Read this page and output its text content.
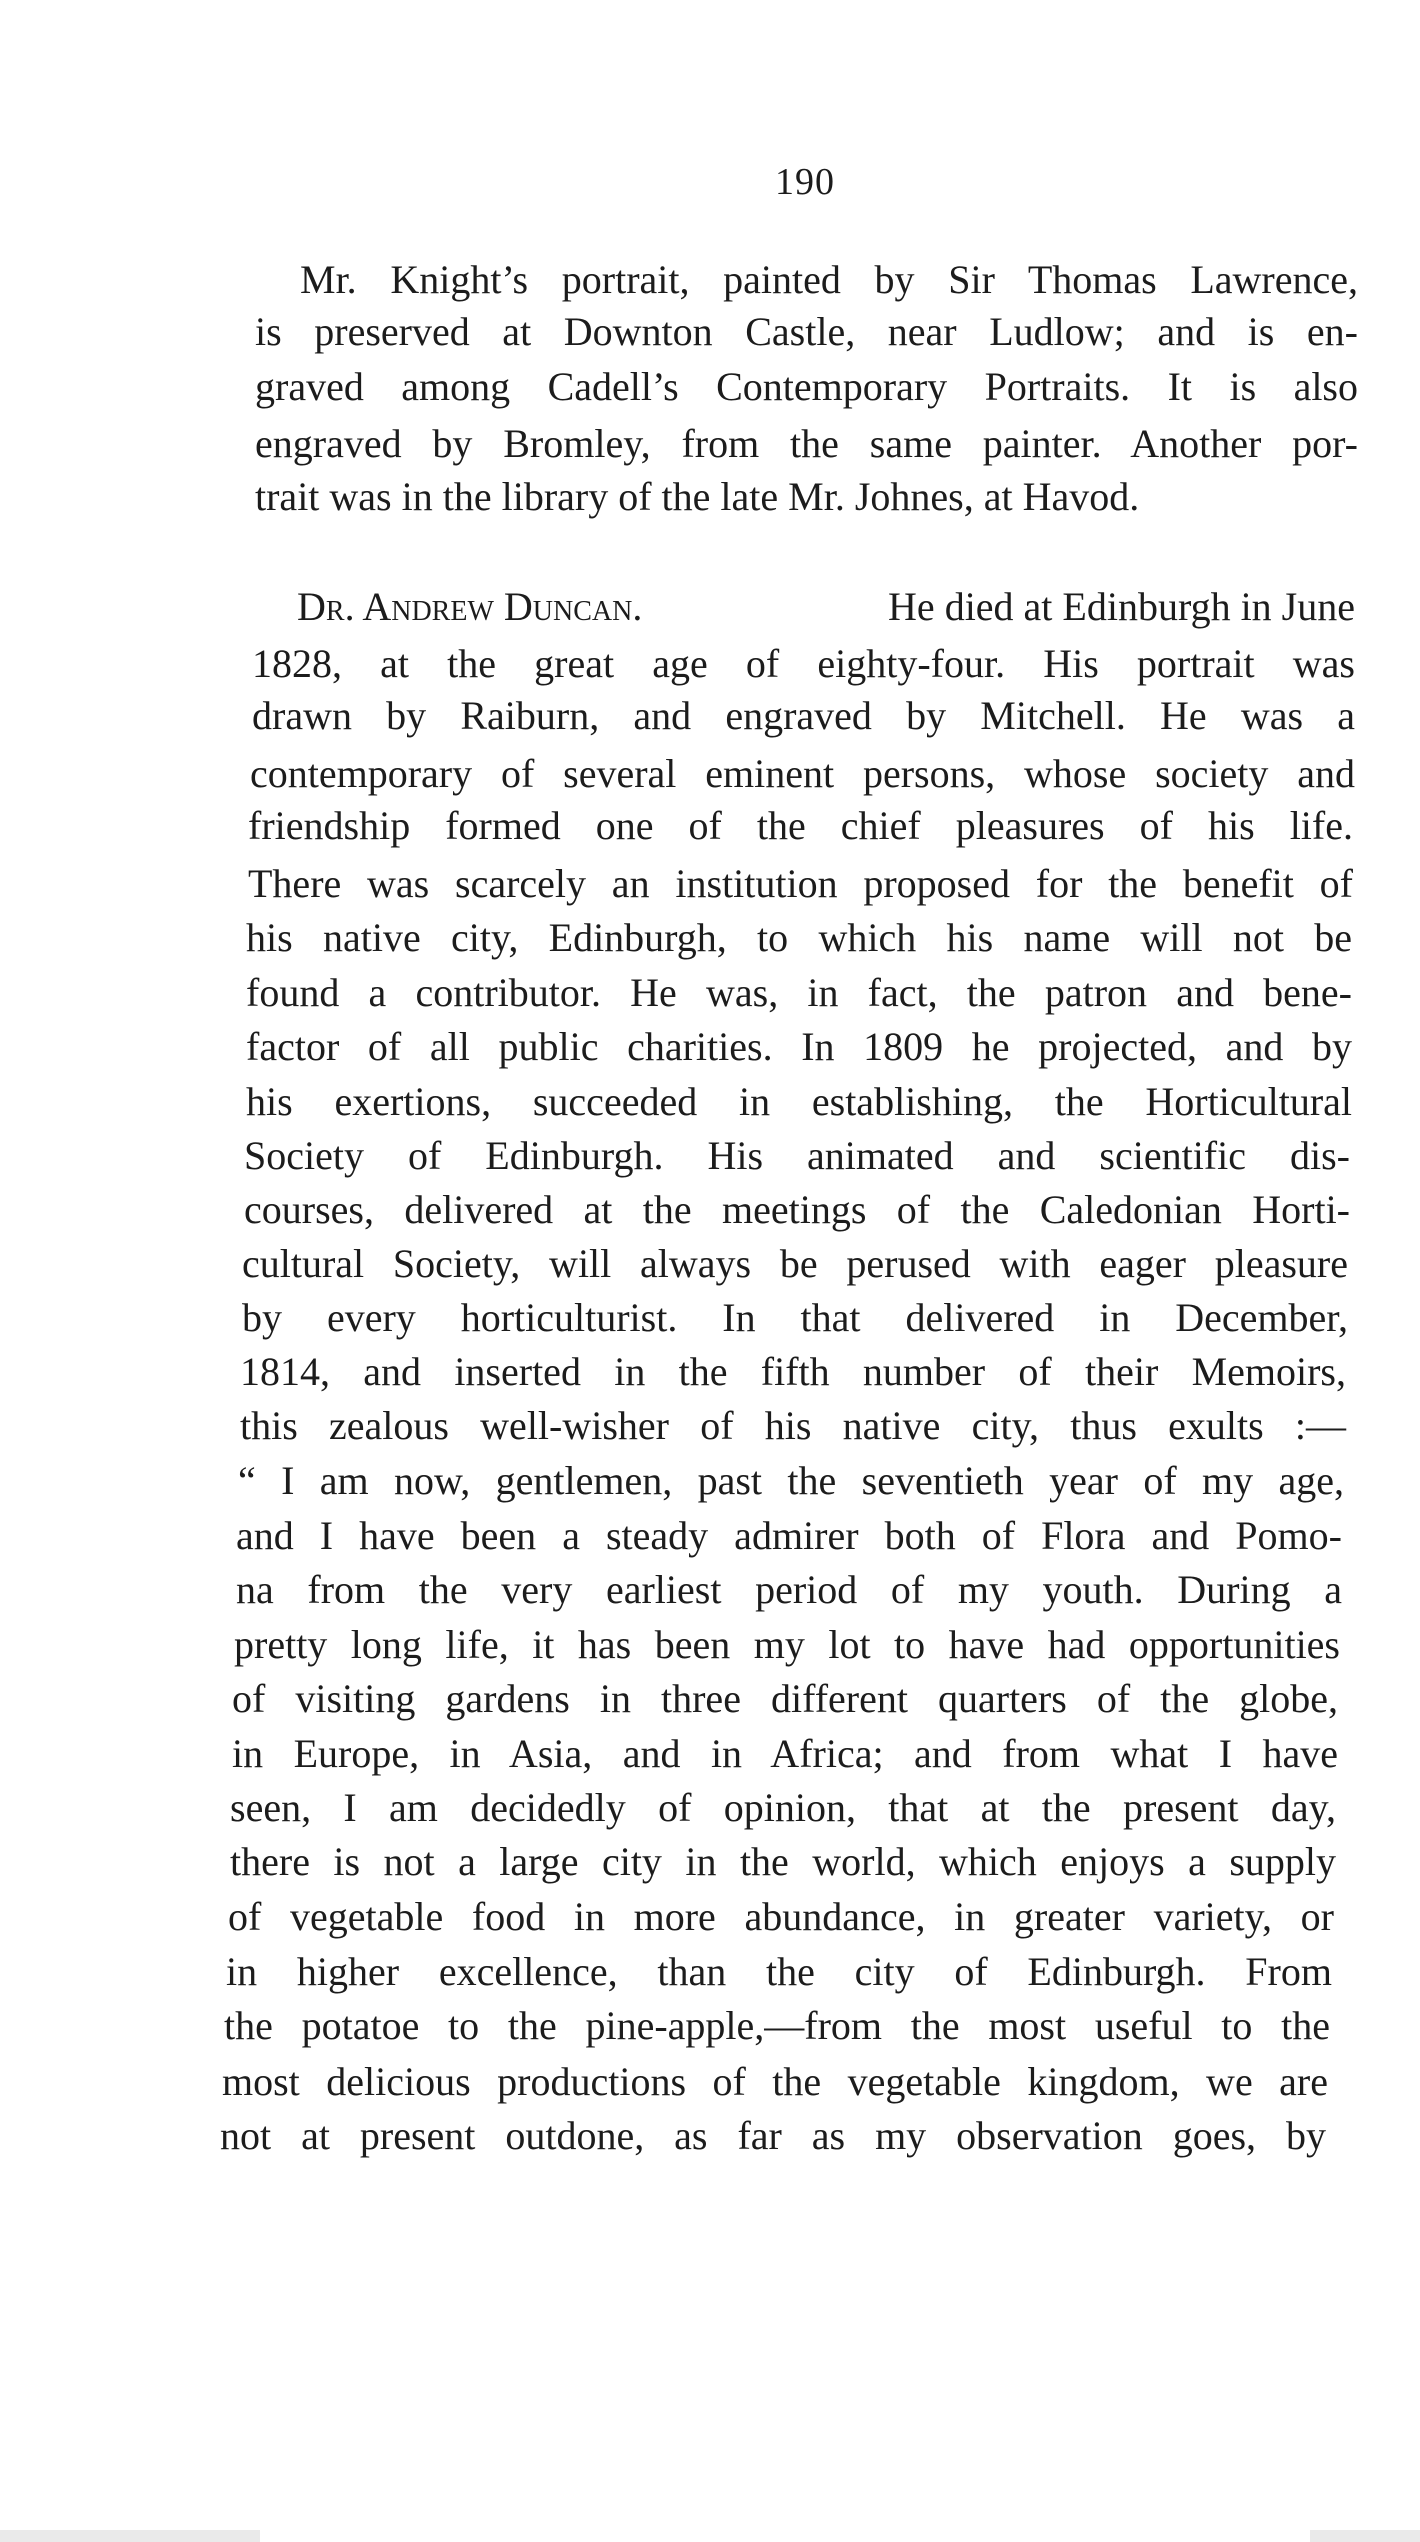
190
Mr. Knight’s portrait, painted by Sir Thomas Lawrence,
is preserved at Downton Castle, near Ludlow; and is en-
graved among Cadell’s Contemporary Portraits. It is also
engraved by Bromley, from the same painter. Another por-
trait was in the library of the late Mr. Johnes, at Havod.
Dr. Andrew Duncan.	He died at Edinburgh in June
1828, at the great age of eighty-four. His portrait was
drawn by Raiburn, and engraved by Mitchell. He was a
contemporary of several eminent persons, whose society and
friendship formed one of the chief pleasures of his life.
There was scarcely an institution proposed for the benefit of
his native city, Edinburgh, to which his name will not be
found a contributor. He was, in fact, the patron and bene-
factor of all public charities. In 1809 he projected, and by
his exertions, succeeded in establishing, the Horticultural
Society of Edinburgh. His animated and scientific dis-
courses, delivered at the meetings of the Caledonian Horti-
cultural Society, will always be perused with eager pleasure
by every horticulturist. In that delivered in December,
1814, and inserted in the fifth number of their Memoirs,
this zealous well-wisher of his native city, thus exults :—
“ I am now, gentlemen, past the seventieth year of my age,
and I have been a steady admirer both of Flora and Pomo-
na from the very earliest period of my youth. During a
pretty long life, it has been my lot to have had opportunities
of visiting gardens in three different quarters of the globe,
in Europe, in Asia, and in Africa; and from what I have
seen, I am decidedly of opinion, that at the present day,
there is not a large city in the world, which enjoys a supply
of vegetable food in more abundance, in greater variety, or
in higher excellence, than the city of Edinburgh. From
the potatoe to the pine-apple,—from the most useful to the
most delicious productions of the vegetable kingdom, we are
not at present outdone, as far as my observation goes, by
